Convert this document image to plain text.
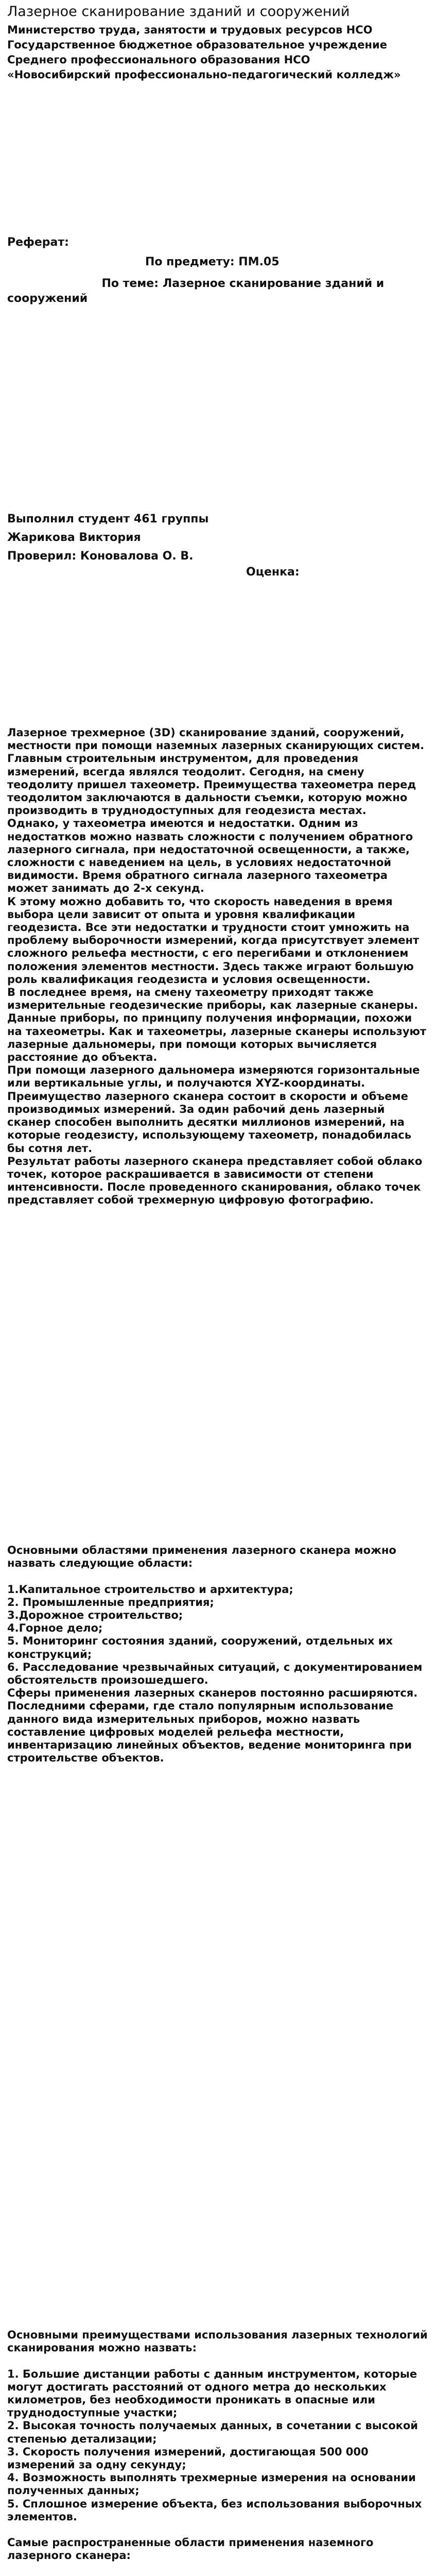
Лазерное сканирование зданий и сооружений
Министерство труда, занятости и трудовых ресурсов НСО
Государственное бюджетное образовательное учреждение
Среднего профессионального образования НСО
«Новосибирский профессионально-педагогический колледж»
Реферат:
По предмету: ПМ.05
По теме: Лазерное сканирование зданий и сооружений
Выполнил студент 461 группы
Жарикова Виктория
Проверил: Коновалова О. В.
Оценка:
Лазерное трехмерное (3D) сканирование зданий, сооружений, местности при помощи наземных лазерных сканирующих систем.
Главным строительным инструментом, для проведения измерений, всегда являлся теодолит. Сегодня, на смену теодолиту пришел тахеометр. Преимущества тахеометра перед теодолитом заключаются в дальности съемки, которую можно производить в труднодоступных для геодезиста местах.
Однако, у тахеометра имеются и недостатки. Одним из недостатков можно назвать сложности с получением обратного лазерного сигнала, при недостаточной освещенности, а также, сложности с наведением на цель, в условиях недостаточной видимости. Время обратного сигнала лазерного тахеометра может занимать до 2-х секунд.
К этому можно добавить то, что скорость наведения в время выбора цели зависит от опыта и уровня квалификации геодезиста. Все эти недостатки и трудности стоит умножить на проблему выборочности измерений, когда присутствует элемент сложного рельефа местности, с его перегибами и отклонением положения элементов местности. Здесь также играют большую роль квалификация геодезиста и условия освещенности.
В последнее время, на смену тахеометру приходят также измерительные геодезические приборы, как лазерные сканеры. Данные приборы, по принципу получения информации, похожи на тахеометры. Как и тахеометры, лазерные сканеры используют лазерные дальномеры, при помощи которых вычисляется расстояние до объекта.
При помощи лазерного дальномера измеряются горизонтальные или вертикальные углы, и получаются XYZ-координаты. Преимущество лазерного сканера состоит в скорости и объеме производимых измерений. За один рабочий день лазерный сканер способен выполнить десятки миллионов измерений, на которые геодезисту, использующему тахеометр, понадобилась бы сотня лет.
Результат работы лазерного сканера представляет собой облако точек, которое раскрашивается в зависимости от степени интенсивности. После проведенного сканирования, облако точек представляет собой трехмерную цифровую фотографию.
Основными областями применения лазерного сканера можно назвать следующие области:

1.Капитальное строительство и архитектура;
2. Промышленные предприятия;
3.Дорожное строительство;
4.Горное дело;
5. Мониторинг состояния зданий, сооружений, отдельных их конструкций;
6. Расследование чрезвычайных ситуаций, с документированием обстоятельств произошедшего.
Сферы применения лазерных сканеров постоянно расширяются. Последними сферами, где стало популярным использование данного вида измерительных приборов, можно назвать составление цифровых моделей рельефа местности, инвентаризацию линейных объектов, ведение мониторинга при строительстве объектов.
Основными преимуществами использования лазерных технологий сканирования можно назвать:

1. Большие дистанции работы с данным инструментом, которые могут достигать расстояний от одного метра до нескольких километров, без необходимости проникать в опасные или труднодоступные участки;
2. Высокая точность получаемых данных, в сочетании с высокой степенью детализации;
3. Скорость получения измерений, достигающая 500 000 измерений за одну секунду;
4. Возможность выполнять трехмерные измерения на основании полученных данных;
5. Сплошное измерение объекта, без использования выборочных элементов.

Самые распространенные области применения наземного лазерного сканера:
